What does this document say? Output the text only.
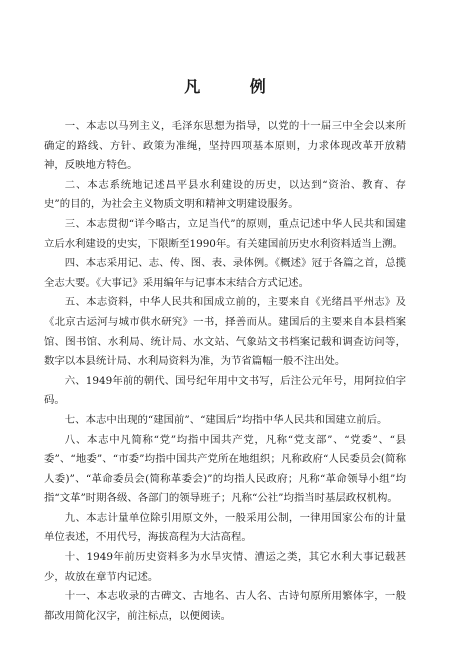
凡 例

一、本志以马列主义，毛泽东思想为指导，以党的十一届三中全会以来所确定的路线、方针、政策为准绳，坚持四项基本原则，力求体现改革开放精神，反映地方特色。

二、本志系统地记述昌平县水利建设的历史，以达到“资治、教育、存史”的目的，为社会主义物质文明和精神文明建设服务。

三、本志贯彻“详今略古，立足当代”的原则，重点记述中华人民共和国建立后水利建设的史实，下限断至1990年。有关建国前历史水利资料适当上溯。

四、本志采用记、志、传、图、表、录体例。《概述》冠于各篇之首，总揽全志大要。《大事记》采用编年与记事本末结合方式记述。

五、本志资料，中华人民共和国成立前的，主要来自《光绪昌平州志》及《北京古运河与城市供水研究》一书，择善而从。建国后的主要来自本县档案馆、图书馆、水利局、统计局、水文站、气象站文书档案记载和调查访问等，数字以本县统计局、水利局资料为准，为节省篇幅一般不注出处。

六、1949年前的朝代、国号纪年用中文书写，后注公元年号，用阿拉伯字码。

七、本志中出现的“建国前”、“建国后”均指中华人民共和国建立前后。

八、本志中凡简称“党”均指中国共产党，凡称“党支部”、“党委”、“县委”、“地委”、“市委”均指中国共产党所在地组织；凡称政府“人民委员会(简称人委)”、“革命委员会(简称革委会)”的均指人民政府；凡称“革命领导小组”均指“文革”时期各级、各部门的领导班子；凡称“公社”均指当时基层政权机构。

九、本志计量单位除引用原文外，一般采用公制，一律用国家公布的计量单位表述，不用代号，海拔高程为大沽高程。

十、1949年前历史资料多为水旱灾情、漕运之类，其它水利大事记载甚少，故放在章节内记述。

十一、本志收录的古碑文、古地名、古人名、古诗句原所用繁体字，一般都改用简化汉字，前注标点，以便阅读。
